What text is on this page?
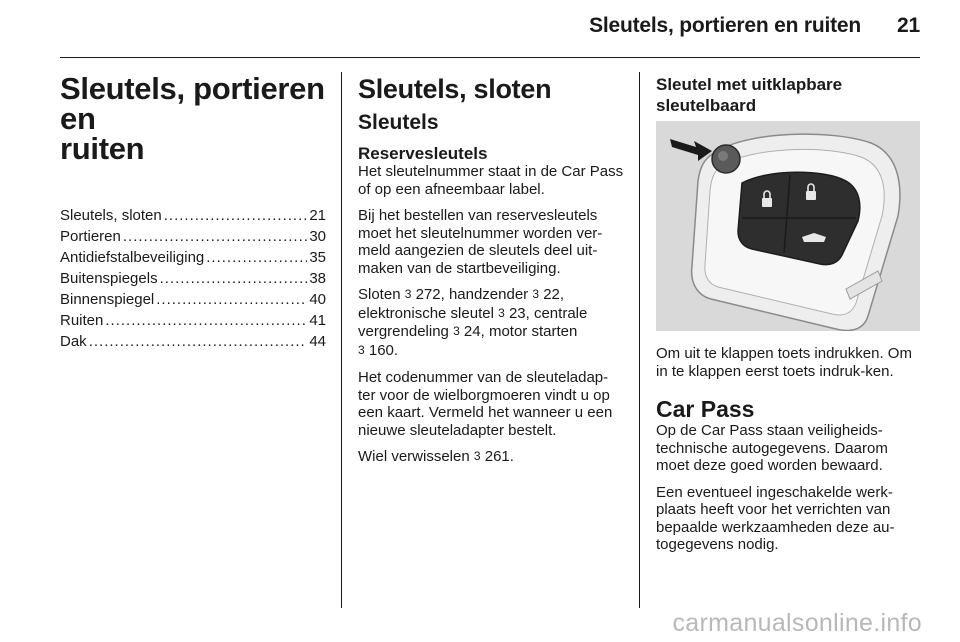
Sleutels, portieren en ruiten 21
Sleutels, portieren en
ruiten
Sleutels, sloten .....	21
Portieren .....	30
Antidiefstalbeveiliging .....	35
Buitenspiegels .....	38
Binnenspiegel .....	40
Ruiten .....	41
Dak .....	44
Sleutels, sloten
Sleutels
Reservesleutels

Het sleutelnummer staat in de Car Pass of op een afneembaar label.

Bij het bestellen van reservesleutels moet het sleutelnummer worden ver-meld aangezien de sleutels deel uit-maken van de startbeveiliging.

Sloten 3 272, handzender 3 22, elektronische sleutel 3 23, centrale vergrendeling 3 24, motor starten
3 160.

Het codenummer van de sleuteladap-ter voor de wielborgmoeren vindt u op een kaart. Vermeld het wanneer u een nieuwe sleuteladapter bestelt.

Wiel verwisselen 3 261.

Sleutel met uitklapbare
sleutelbaard

Om uit te klappen toets indrukken. Om in te klappen eerst toets indruk-ken.

Car Pass

Op de Car Pass staan veiligheids-technische autogegevens. Daarom moet deze goed worden bewaard.

Een eventueel ingeschakelde werk-plaats heeft voor het verrichten van bepaalde werkzaamheden deze au-togegevens nodig.

carmanualsonline.info
